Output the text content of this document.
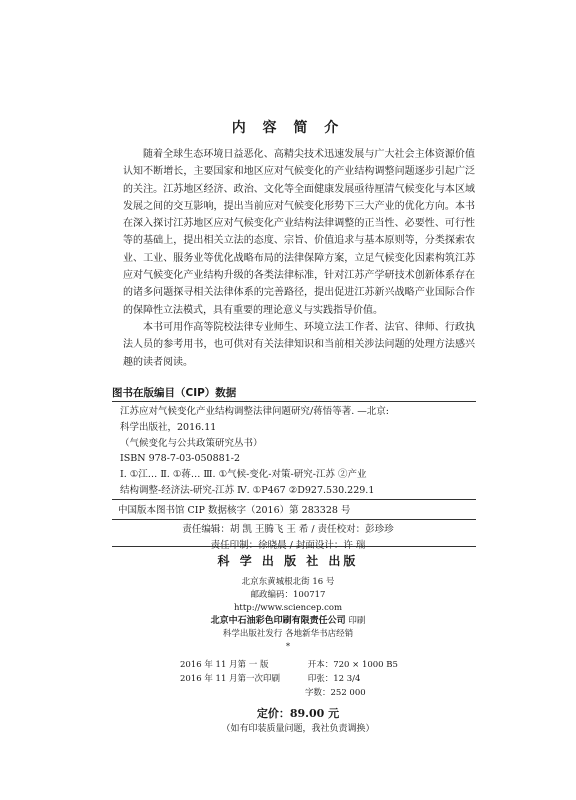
内 容 简 介

随着全球生态环境日益恶化、高精尖技术迅速发展与广大社会主体资源价值认知不断增长，主要国家和地区应对气候变化的产业结构调整问题逐步引起广泛的关注。江苏地区经济、政治、文化等全面健康发展亟待厘清气候变化与本区域发展之间的交互影响，提出当前应对气候变化形势下三大产业的优化方向。本书在深入探讨江苏地区应对气候变化产业结构法律调整的正当性、必要性、可行性等的基础上，提出相关立法的态度、宗旨、价值追求与基本原则等，分类探索农业、工业、服务业等优化战略布局的法律保障方案，立足气候变化因素构筑江苏应对气候变化产业结构升级的各类法律标准，针对江苏产学研技术创新体系存在的诸多问题探寻相关法律体系的完善路径，提出促进江苏新兴战略产业国际合作的保障性立法模式，具有重要的理论意义与实践指导价值。

本书可用作高等院校法律专业师生、环境立法工作者、法官、律师、行政执法人员的参考用书，也可供对有关法律知识和当前相关涉法问题的处理方法感兴趣的读者阅读。

图书在版编目（CIP）数据
江苏应对气候变化产业结构调整法律问题研究/蒋悟等著. —北京:
科学出版社，2016.11
（气候变化与公共政策研究丛书）
ISBN 978-7-03-050881-2
Ⅰ. ①江… Ⅱ. ①蒋… Ⅲ. ①气候-变化-对策-研究-江苏 ②产业
结构调整-经济法-研究-江苏 Ⅳ. ①P467 ②D927.530.229.1
中国版本图书馆 CIP 数据核字（2016）第 283328 号
责任编辑：胡 凯 王腾飞 王 希 / 责任校对：彭珍珍
责任印制：徐晓晨 / 封面设计：许 瑞
科 学 出 版 社 出版
北京东黄城根北街 16 号
邮政编码：100717
http://www.sciencep.com
北京中石油彩色印刷有限责任公司 印刷
科学出版社发行 各地新华书店经销
*
2016 年 11 月第 一 版	开本：720 × 1000 B5
2016 年 11 月第一次印刷	印张：12 3/4
字数：252 000
定价：89.00 元
（如有印装质量问题，我社负责调换）
